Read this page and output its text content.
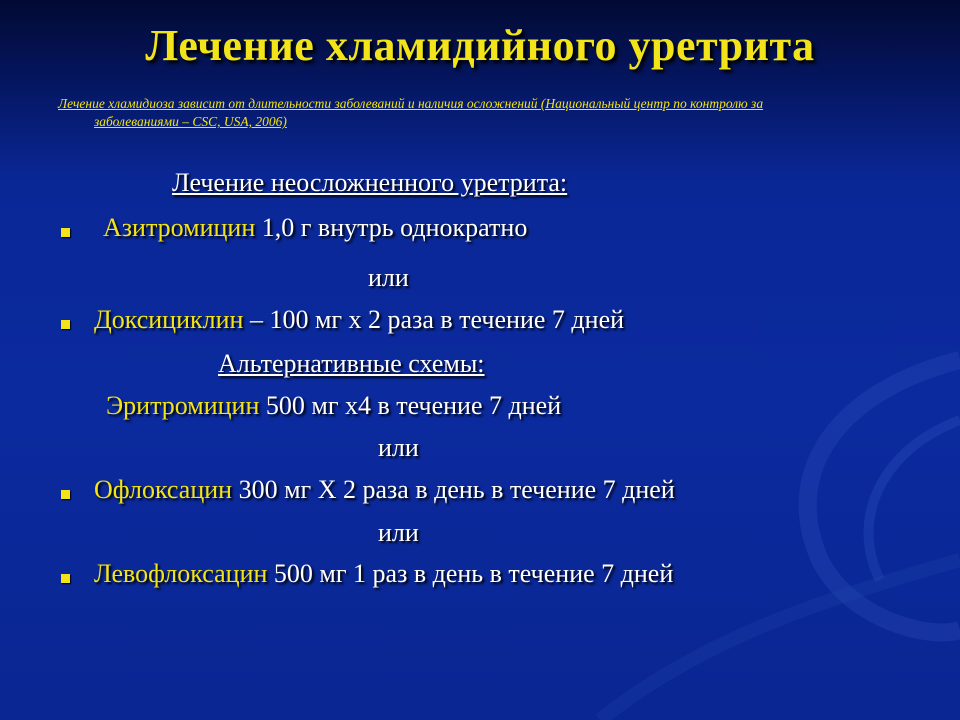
Лечение хламидийного уретрита
Лечение хламидиоза зависит от длительности заболеваний и наличия осложнений (Национальный центр по контролю за
заболеваниями – CSC, USA, 2006)
Лечение неосложненного уретрита:
Азитромицин 1,0 г внутрь однократно
или
Доксициклин – 100 мг х 2 раза в течение 7 дней
Альтернативные схемы:
Эритромицин 500 мг х4 в течение 7 дней
или
Офлоксацин 300 мг Х 2 раза в день в течение 7 дней
или
Левофлоксацин 500 мг 1 раз в день в течение 7 дней
